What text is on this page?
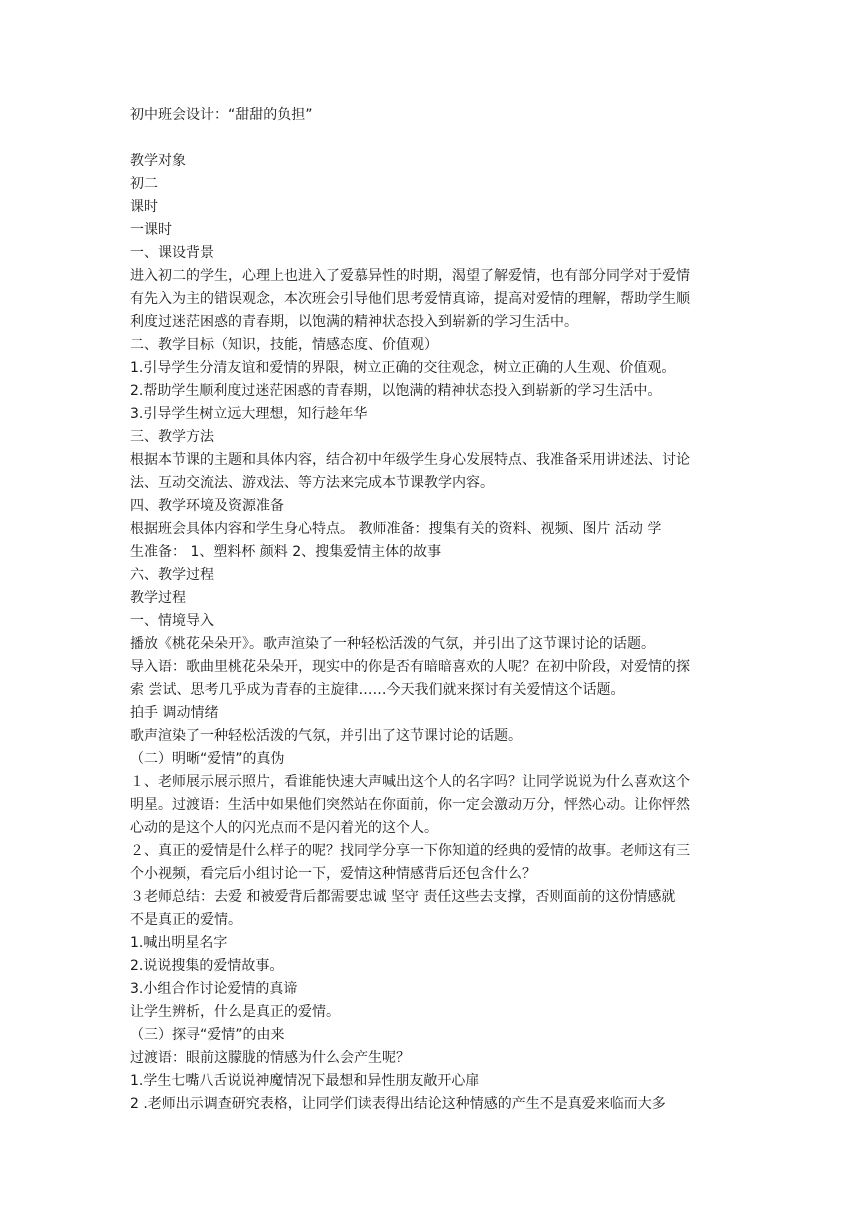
初中班会设计：“甜甜的负担”
教学对象
初二
课时
一课时
一、课设背景
进入初二的学生，心理上也进入了爱慕异性的时期，渴望了解爱情，也有部分同学对于爱情
有先入为主的错误观念，本次班会引导他们思考爱情真谛，提高对爱情的理解，帮助学生顺
利度过迷茫困惑的青春期，以饱满的精神状态投入到崭新的学习生活中。
二、教学目标（知识，技能，情感态度、价值观）
1.引导学生分清友谊和爱情的界限，树立正确的交往观念，树立正确的人生观、价值观。
2.帮助学生顺利度过迷茫困惑的青春期，以饱满的精神状态投入到崭新的学习生活中。
3.引导学生树立远大理想，知行趁年华
三、教学方法
根据本节课的主题和具体内容，结合初中年级学生身心发展特点、我准备采用讲述法、讨论
法、互动交流法、游戏法、等方法来完成本节课教学内容。
四、教学环境及资源准备
根据班会具体内容和学生身心特点。 教师准备：搜集有关的资料、视频、图片 活动 学
生准备： 1、塑料杯 颜料 2、搜集爱情主体的故事
六、教学过程
教学过程
一、情境导入
播放《桃花朵朵开》。歌声渲染了一种轻松活泼的气氛，并引出了这节课讨论的话题。
导入语：歌曲里桃花朵朵开，现实中的你是否有暗暗喜欢的人呢？在初中阶段，对爱情的探
索 尝试、思考几乎成为青春的主旋律……今天我们就来探讨有关爱情这个话题。
拍手 调动情绪
歌声渲染了一种轻松活泼的气氛，并引出了这节课讨论的话题。
（二）明晰“爱情”的真伪
１、老师展示展示照片，看谁能快速大声喊出这个人的名字吗？让同学说说为什么喜欢这个
明星。过渡语：生活中如果他们突然站在你面前，你一定会激动万分，怦然心动。让你怦然
心动的是这个人的闪光点而不是闪着光的这个人。
２、真正的爱情是什么样子的呢？找同学分享一下你知道的经典的爱情的故事。老师这有三
个小视频，看完后小组讨论一下，爱情这种情感背后还包含什么？
３老师总结：去爱 和被爱背后都需要忠诚 坚守 责任这些去支撑，否则面前的这份情感就
不是真正的爱情。
1.喊出明星名字
2.说说搜集的爱情故事。
3.小组合作讨论爱情的真谛
让学生辨析，什么是真正的爱情。
（三）探寻“爱情”的由来
过渡语：眼前这朦胧的情感为什么会产生呢？
1.学生七嘴八舌说说神魔情况下最想和异性朋友敞开心扉
2 .老师出示调查研究表格，让同学们读表得出结论这种情感的产生不是真爱来临而大多
